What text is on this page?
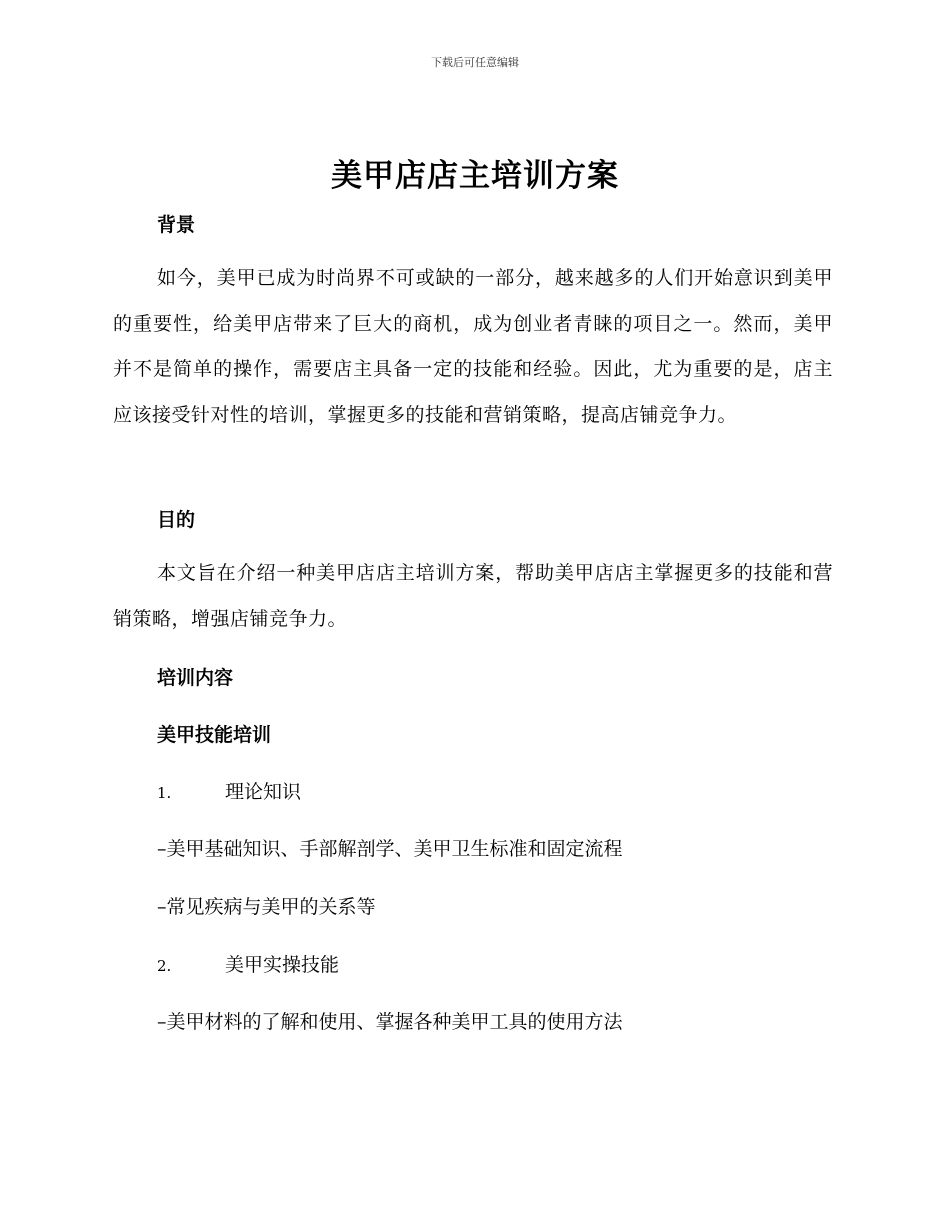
下载后可任意编辑
美甲店店主培训方案
背景
如今，美甲已成为时尚界不可或缺的一部分，越来越多的人们开始意识到美甲的重要性，给美甲店带来了巨大的商机，成为创业者青睐的项目之一。然而，美甲并不是简单的操作，需要店主具备一定的技能和经验。因此，尤为重要的是，店主应该接受针对性的培训，掌握更多的技能和营销策略，提高店铺竞争力。
目的
本文旨在介绍一种美甲店店主培训方案，帮助美甲店店主掌握更多的技能和营销策略，增强店铺竞争力。
培训内容
美甲技能培训
1.	理论知识
–美甲基础知识、手部解剖学、美甲卫生标准和固定流程
–常见疾病与美甲的关系等
2.	美甲实操技能
–美甲材料的了解和使用、掌握各种美甲工具的使用方法
